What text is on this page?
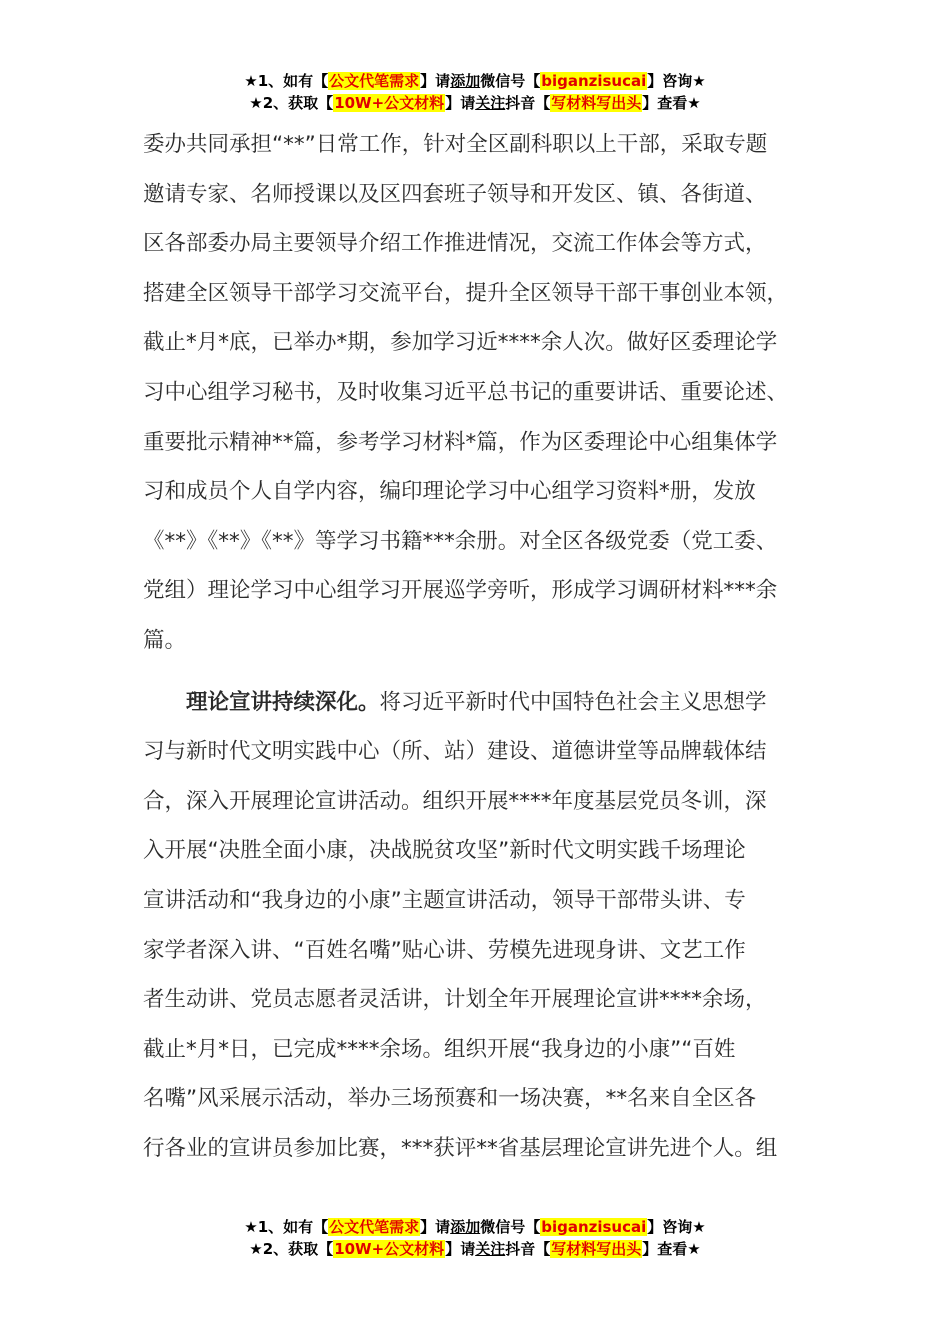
★1、如有【公文代笔需求】请添加微信号【biganzisucai】咨询★
★2、获取【10W+公文材料】请关注抖音【写材料写出头】查看★
委办共同承担“**”日常工作，针对全区副科职以上干部，采取专题
邀请专家、名师授课以及区四套班子领导和开发区、镇、各街道、
区各部委办局主要领导介绍工作推进情况，交流工作体会等方式，
搭建全区领导干部学习交流平台，提升全区领导干部干事创业本领，
截止*月*底，已举办*期，参加学习近****余人次。做好区委理论学
习中心组学习秘书，及时收集习近平总书记的重要讲话、重要论述、
重要批示精神**篇，参考学习材料*篇，作为区委理论中心组集体学
习和成员个人自学内容，编印理论学习中心组学习资料*册，发放
《**》《**》《**》等学习书籍***余册。对全区各级党委（党工委、
党组）理论学习中心组学习开展巡学旁听，形成学习调研材料***余
篇。
理论宣讲持续深化。将习近平新时代中国特色社会主义思想学
习与新时代文明实践中心（所、站）建设、道德讲堂等品牌载体结
合，深入开展理论宣讲活动。组织开展****年度基层党员冬训，深
入开展“决胜全面小康，决战脱贫攻坚”新时代文明实践千场理论
宣讲活动和“我身边的小康”主题宣讲活动，领导干部带头讲、专
家学者深入讲、“百姓名嘴”贴心讲、劳模先进现身讲、文艺工作
者生动讲、党员志愿者灵活讲，计划全年开展理论宣讲****余场，
截止*月*日，已完成****余场。组织开展“我身边的小康”“百姓
名嘴”风采展示活动，举办三场预赛和一场决赛，**名来自全区各
行各业的宣讲员参加比赛，***获评**省基层理论宣讲先进个人。组
★1、如有【公文代笔需求】请添加微信号【biganzisucai】咨询★
★2、获取【10W+公文材料】请关注抖音【写材料写出头】查看★
